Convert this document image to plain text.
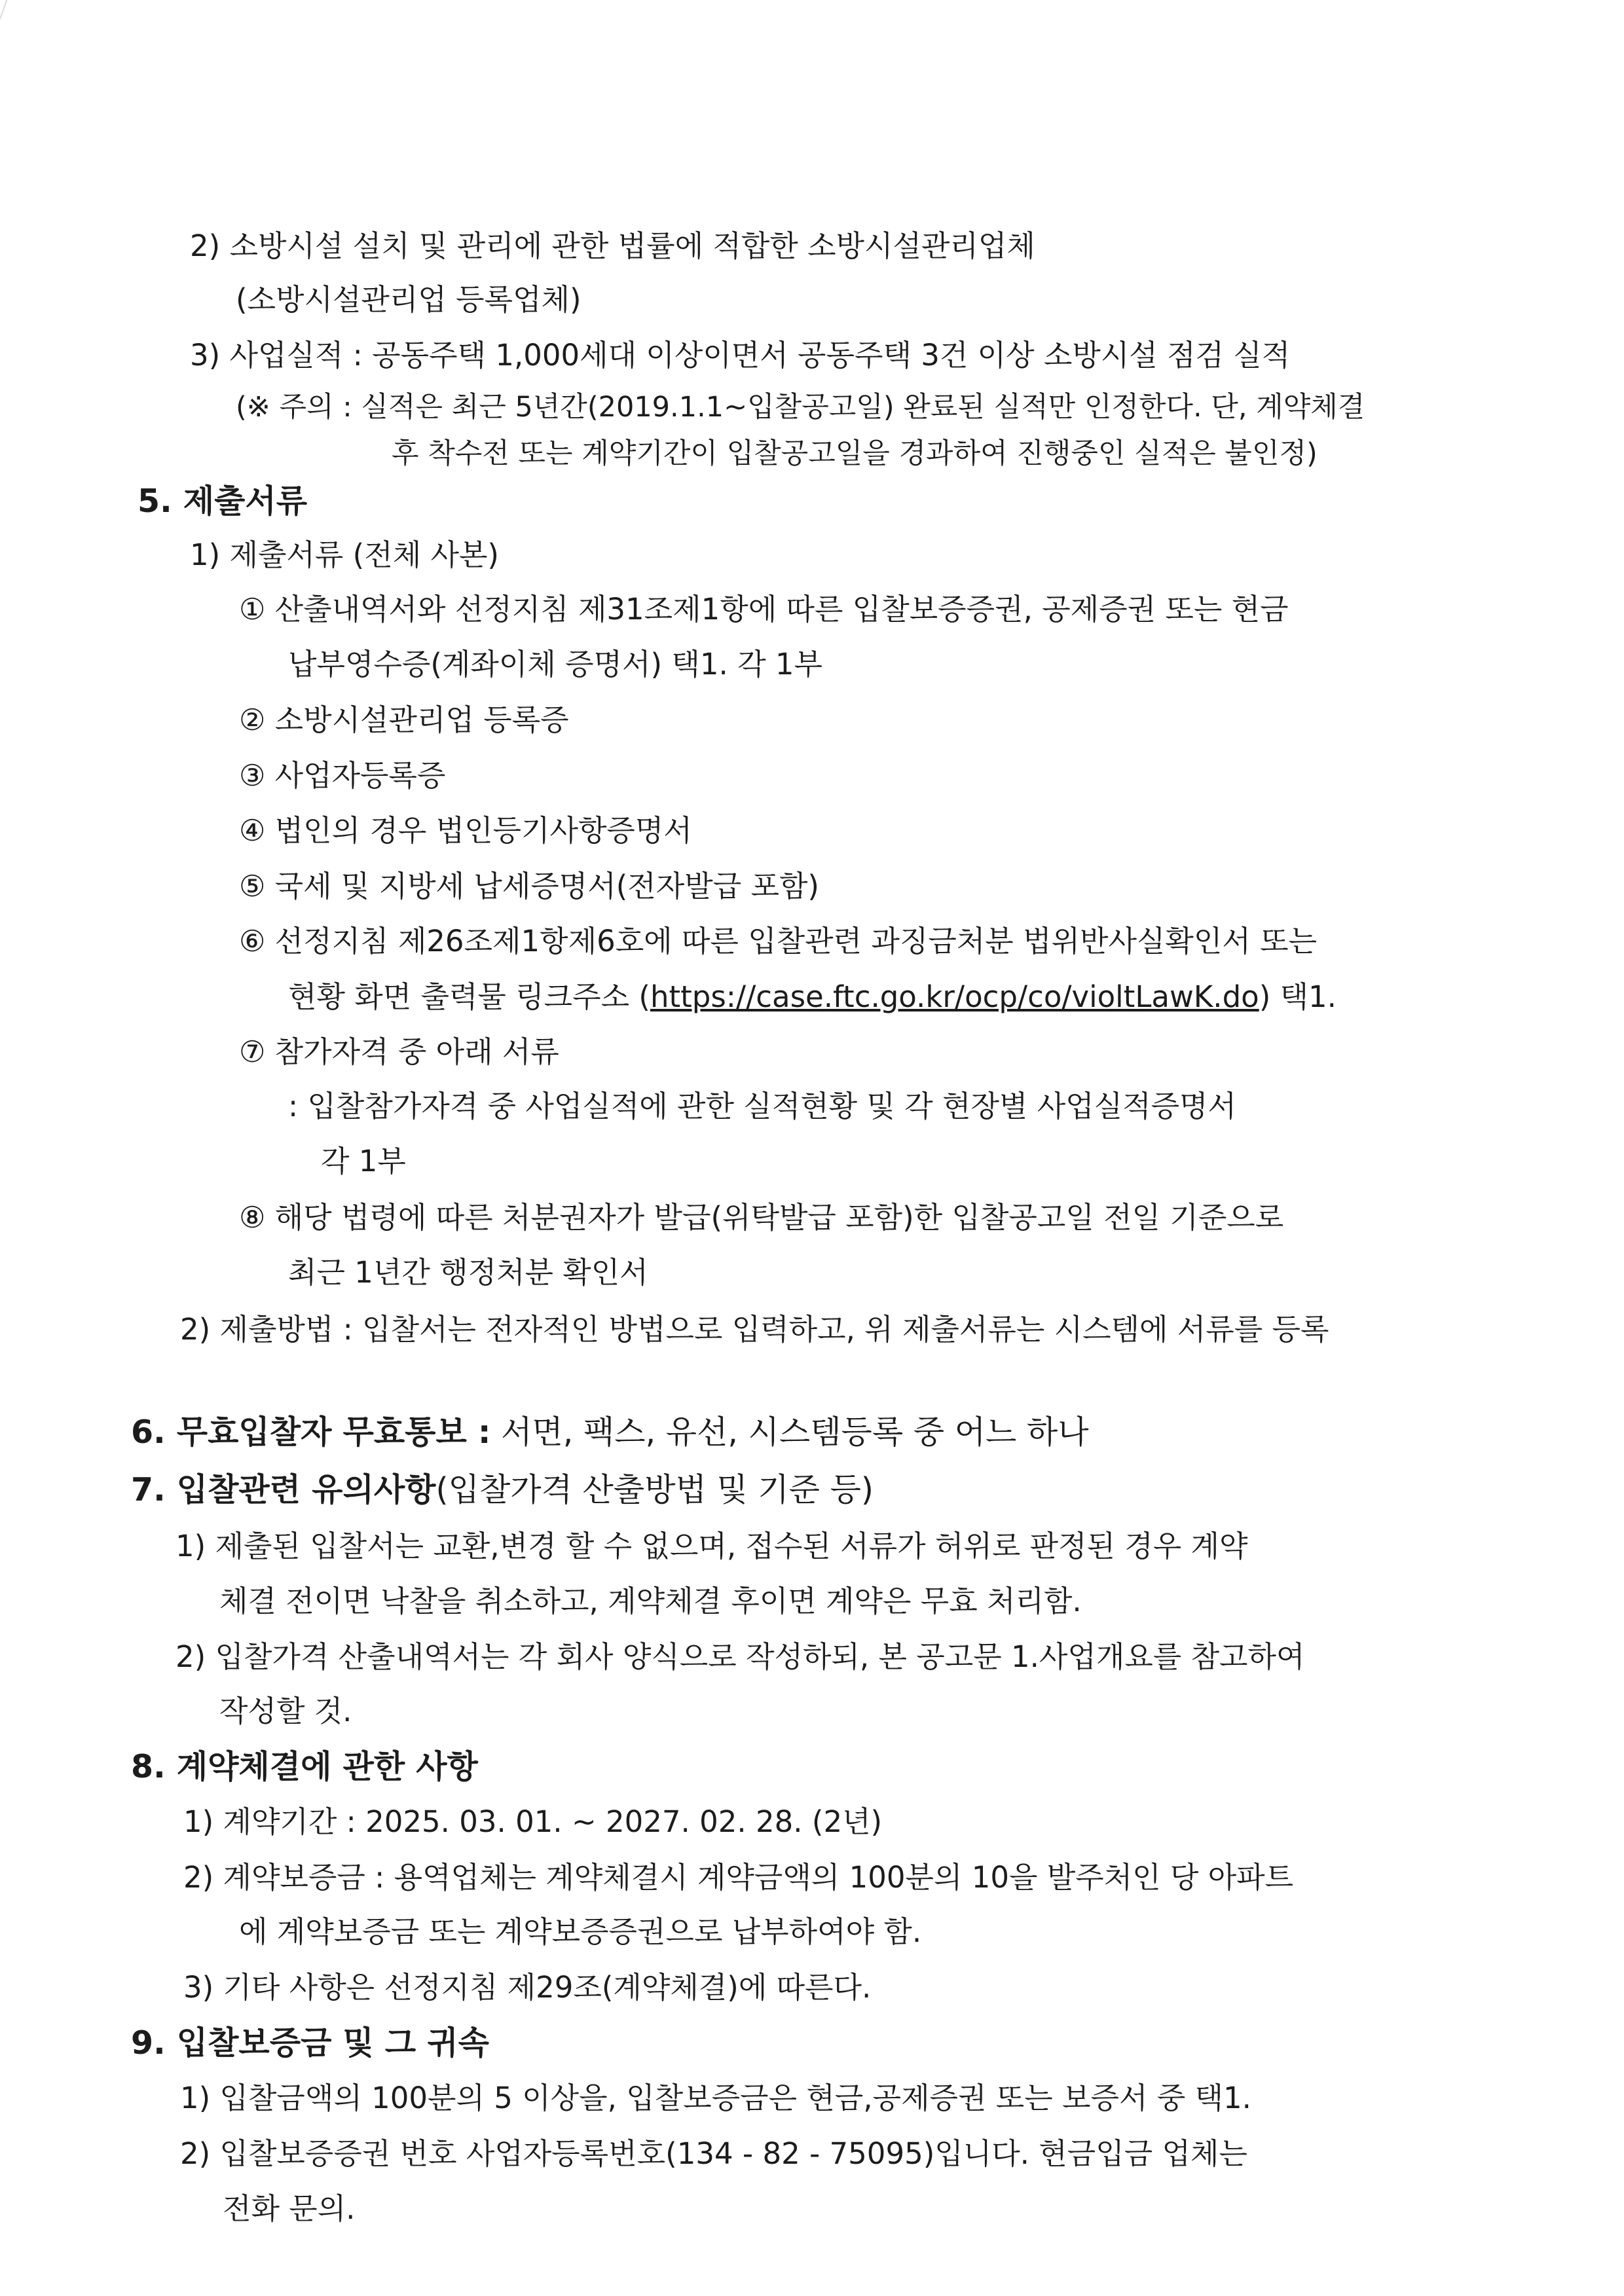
2) 소방시설 설치 및 관리에 관한 법률에 적합한 소방시설관리업체
(소방시설관리업 등록업체)
3) 사업실적 : 공동주택 1,000세대 이상이면서 공동주택 3건 이상 소방시설 점검 실적
(※ 주의 : 실적은 최근 5년간(2019.1.1~입찰공고일) 완료된 실적만 인정한다. 단, 계약체결
후 착수전 또는 계약기간이 입찰공고일을 경과하여 진행중인 실적은 불인정)
5. 제출서류
1) 제출서류 (전체 사본)
① 산출내역서와 선정지침 제31조제1항에 따른 입찰보증증권, 공제증권 또는 현금
납부영수증(계좌이체 증명서) 택1. 각 1부
② 소방시설관리업 등록증
③ 사업자등록증
④ 법인의 경우 법인등기사항증명서
⑤ 국세 및 지방세 납세증명서(전자발급 포함)
⑥ 선정지침 제26조제1항제6호에 따른 입찰관련 과징금처분 법위반사실확인서 또는
현황 화면 출력물 링크주소 (https://case.ftc.go.kr/ocp/co/violtLawK.do) 택1.
⑦ 참가자격 중 아래 서류
: 입찰참가자격 중 사업실적에 관한 실적현황 및 각 현장별 사업실적증명서
각 1부
⑧ 해당 법령에 따른 처분권자가 발급(위탁발급 포함)한 입찰공고일 전일 기준으로
최근 1년간 행정처분 확인서
2) 제출방법 : 입찰서는 전자적인 방법으로 입력하고, 위 제출서류는 시스템에 서류를 등록
6. 무효입찰자 무효통보 : 서면, 팩스, 유선, 시스템등록 중 어느 하나
7. 입찰관련 유의사항(입찰가격 산출방법 및 기준 등)
1) 제출된 입찰서는 교환,변경 할 수 없으며, 접수된 서류가 허위로 판정된 경우 계약
체결 전이면 낙찰을 취소하고, 계약체결 후이면 계약은 무효 처리함.
2) 입찰가격 산출내역서는 각 회사 양식으로 작성하되, 본 공고문 1.사업개요를 참고하여
작성할 것.
8. 계약체결에 관한 사항
1) 계약기간 : 2025. 03. 01. ~ 2027. 02. 28. (2년)
2) 계약보증금 : 용역업체는 계약체결시 계약금액의 100분의 10을 발주처인 당 아파트
에 계약보증금 또는 계약보증증권으로 납부하여야 함.
3) 기타 사항은 선정지침 제29조(계약체결)에 따른다.
9. 입찰보증금 및 그 귀속
1) 입찰금액의 100분의 5 이상을, 입찰보증금은 현금,공제증권 또는 보증서 중 택1.
2) 입찰보증증권 번호 사업자등록번호(134 - 82 - 75095)입니다. 현금입금 업체는
전화 문의.
